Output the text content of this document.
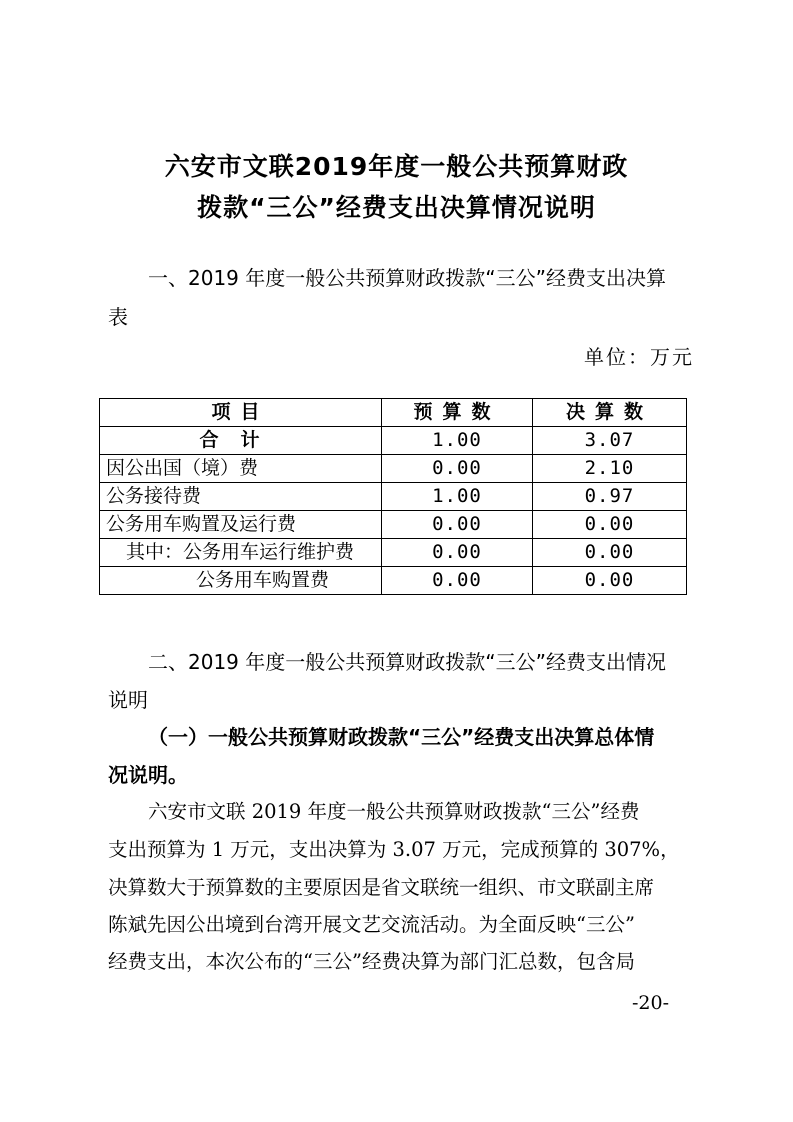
六安市文联2019年度一般公共预算财政
拨款“三公”经费支出决算情况说明
一、2019 年度一般公共预算财政拨款“三公”经费支出决算
表
单位：万元
项目	预算数	决算数
合计	1.00	3.07
因公出国（境）费	0.00	2.10
公务接待费	1.00	0.97
公务用车购置及运行费	0.00	0.00
其中：公务用车运行维护费	0.00	0.00
公务用车购置费	0.00	0.00
二、2019 年度一般公共预算财政拨款“三公”经费支出情况
说明
（一）一般公共预算财政拨款“三公”经费支出决算总体情
况说明。
六安市文联 2019 年度一般公共预算财政拨款“三公”经费
支出预算为 1 万元，支出决算为 3.07 万元，完成预算的 307%，
决算数大于预算数的主要原因是省文联统一组织、市文联副主席
陈斌先因公出境到台湾开展文艺交流活动。为全面反映“三公”
经费支出，本次公布的“三公”经费决算为部门汇总数，包含局
-20-
